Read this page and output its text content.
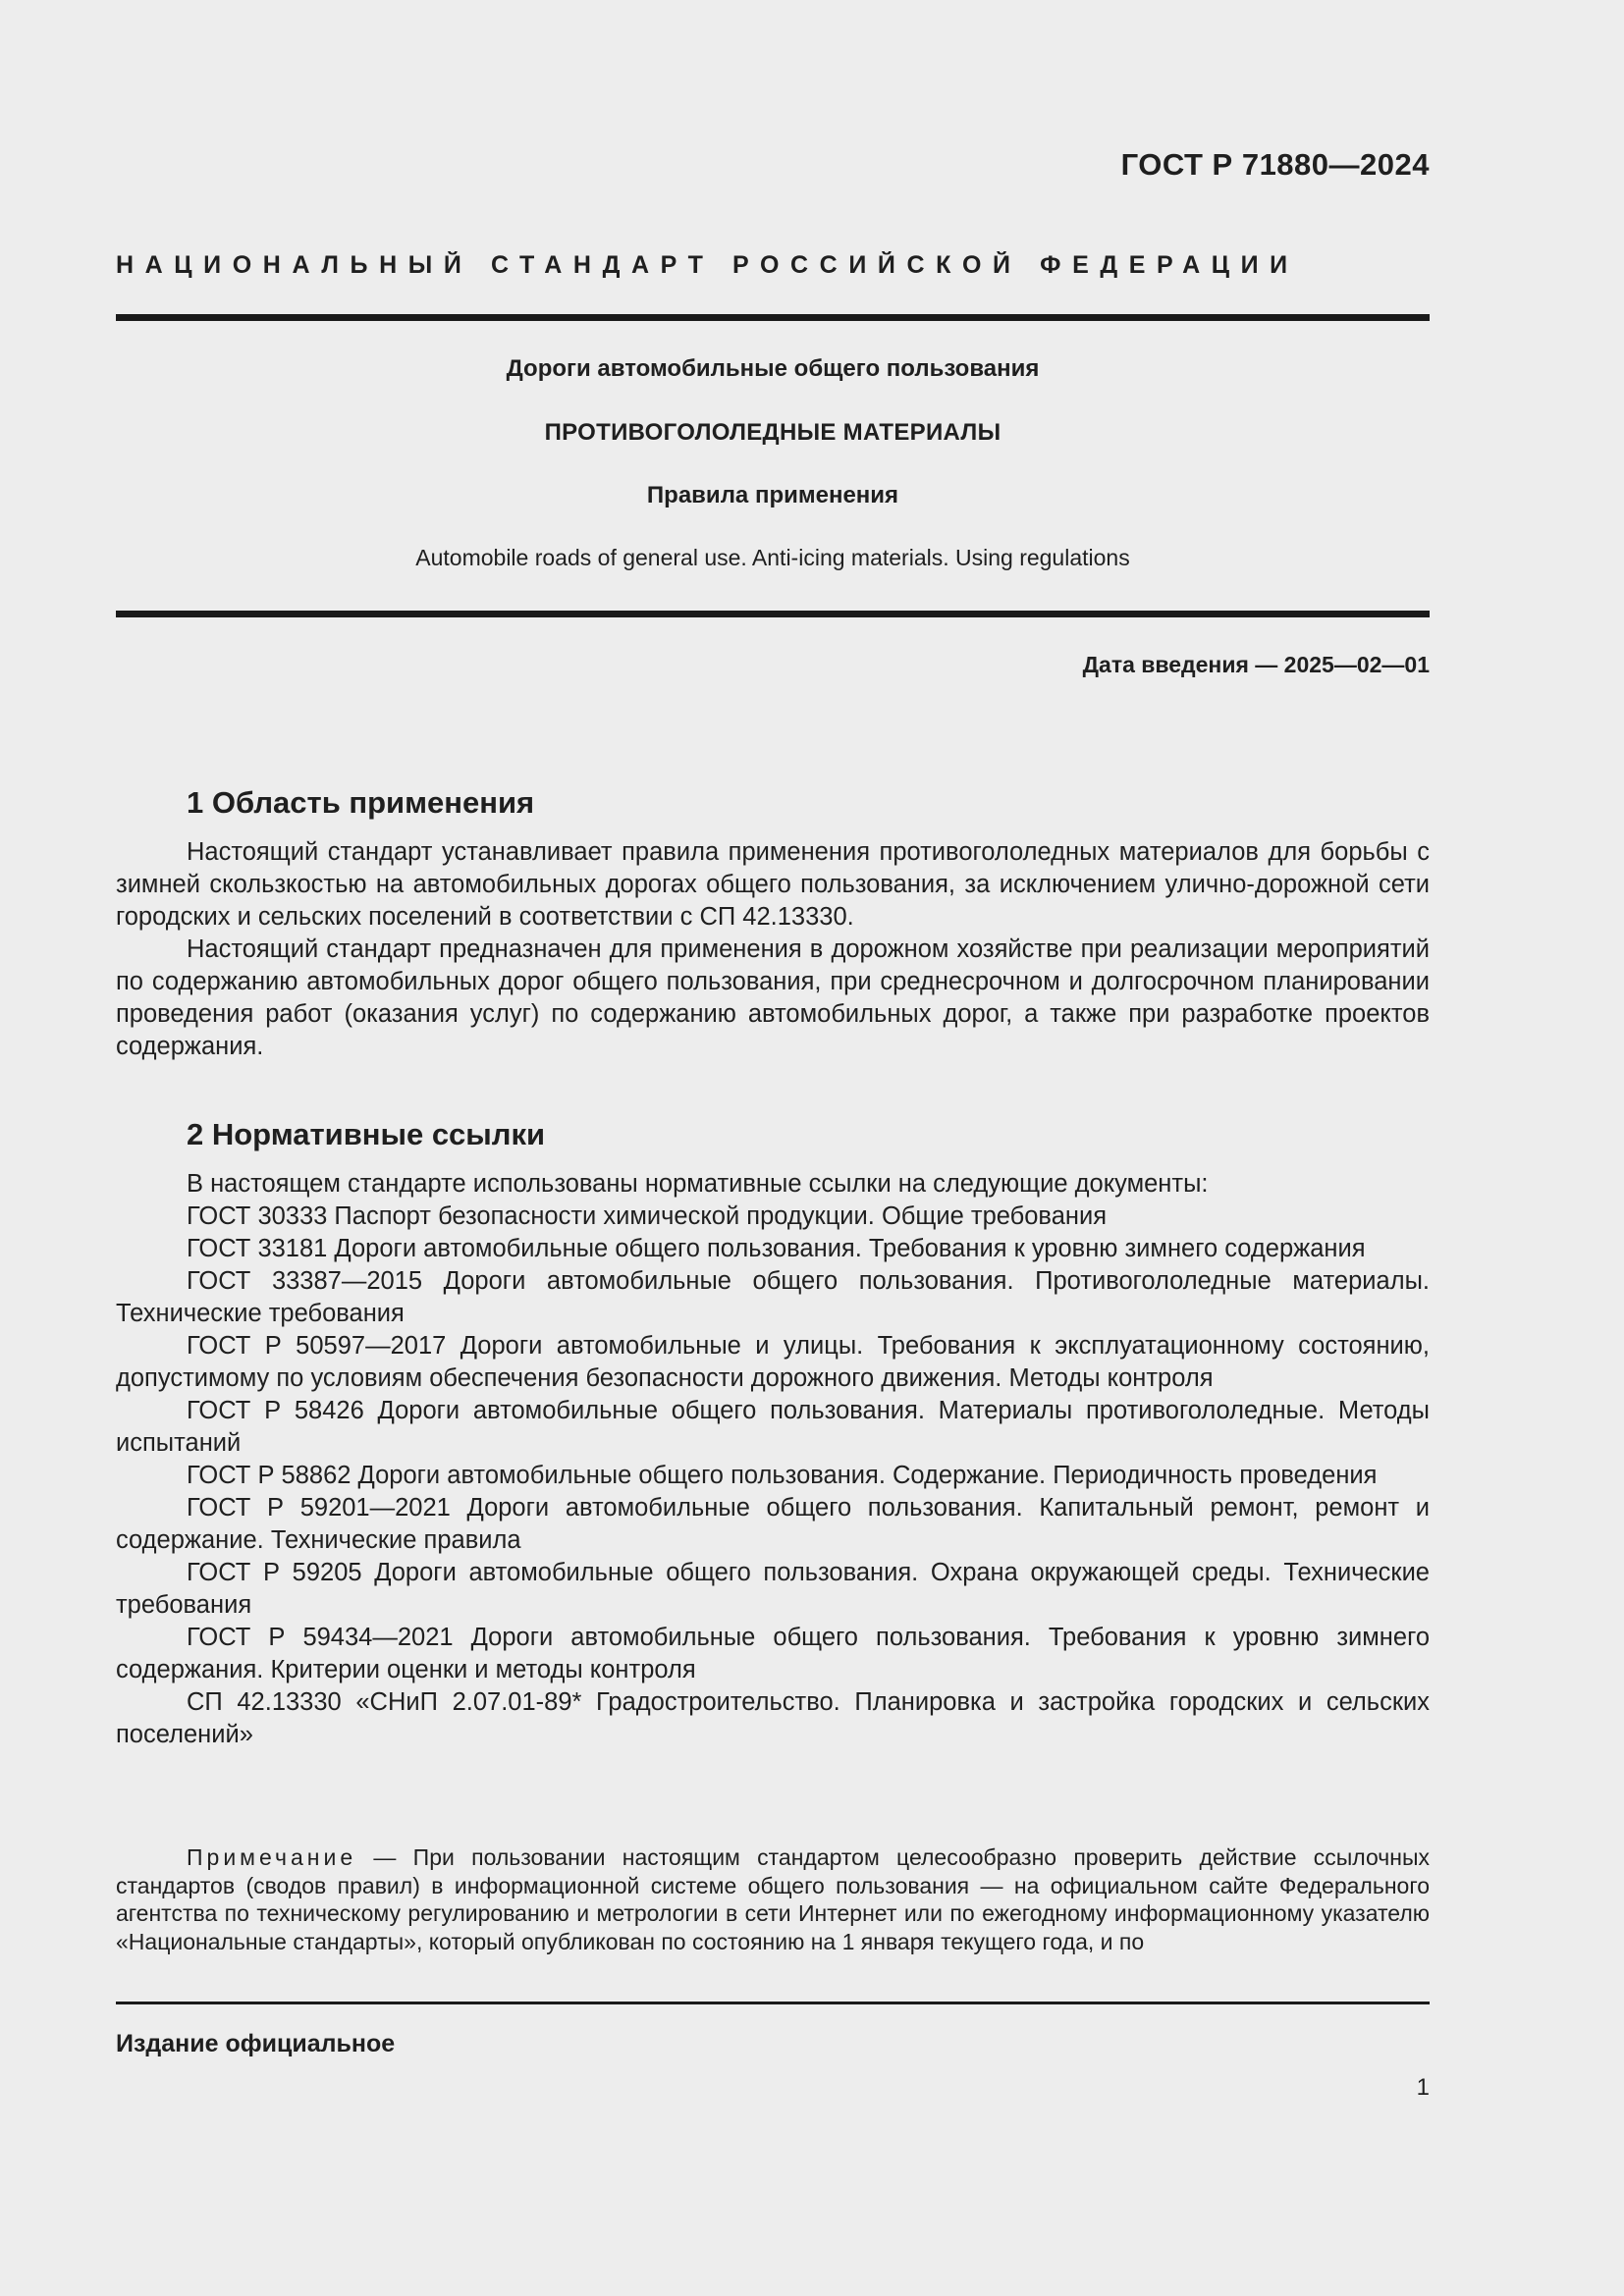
ГОСТ Р 71880—2024
НАЦИОНАЛЬНЫЙ СТАНДАРТ РОССИЙСКОЙ ФЕДЕРАЦИИ
Дороги автомобильные общего пользования
ПРОТИВОГОЛОЛЕДНЫЕ МАТЕРИАЛЫ
Правила применения
Automobile roads of general use. Anti-icing materials. Using regulations
Дата введения — 2025—02—01
1 Область применения

Настоящий стандарт устанавливает правила применения противогололедных материалов для борьбы с зимней скользкостью на автомобильных дорогах общего пользования, за исключением улично-дорожной сети городских и сельских поселений в соответствии с СП 42.13330.

Настоящий стандарт предназначен для применения в дорожном хозяйстве при реализации мероприятий по содержанию автомобильных дорог общего пользования, при среднесрочном и долгосрочном планировании проведения работ (оказания услуг) по содержанию автомобильных дорог, а также при разработке проектов содержания.

2 Нормативные ссылки

В настоящем стандарте использованы нормативные ссылки на следующие документы:

ГОСТ 30333 Паспорт безопасности химической продукции. Общие требования

ГОСТ 33181 Дороги автомобильные общего пользования. Требования к уровню зимнего содержания

ГОСТ 33387—2015 Дороги автомобильные общего пользования. Противогололедные материалы. Технические требования

ГОСТ Р 50597—2017 Дороги автомобильные и улицы. Требования к эксплуатационному состоянию, допустимому по условиям обеспечения безопасности дорожного движения. Методы контроля

ГОСТ Р 58426 Дороги автомобильные общего пользования. Материалы противогололедные. Методы испытаний

ГОСТ Р 58862 Дороги автомобильные общего пользования. Содержание. Периодичность проведения

ГОСТ Р 59201—2021 Дороги автомобильные общего пользования. Капитальный ремонт, ремонт и содержание. Технические правила

ГОСТ Р 59205 Дороги автомобильные общего пользования. Охрана окружающей среды. Технические требования

ГОСТ Р 59434—2021 Дороги автомобильные общего пользования. Требования к уровню зимнего содержания. Критерии оценки и методы контроля

СП 42.13330 «СНиП 2.07.01-89* Градостроительство. Планировка и застройка городских и сельских поселений»

Примечание — При пользовании настоящим стандартом целесообразно проверить действие ссылочных стандартов (сводов правил) в информационной системе общего пользования — на официальном сайте Федерального агентства по техническому регулированию и метрологии в сети Интернет или по ежегодному информационному указателю «Национальные стандарты», который опубликован по состоянию на 1 января текущего года, и по
Издание официальное
1
